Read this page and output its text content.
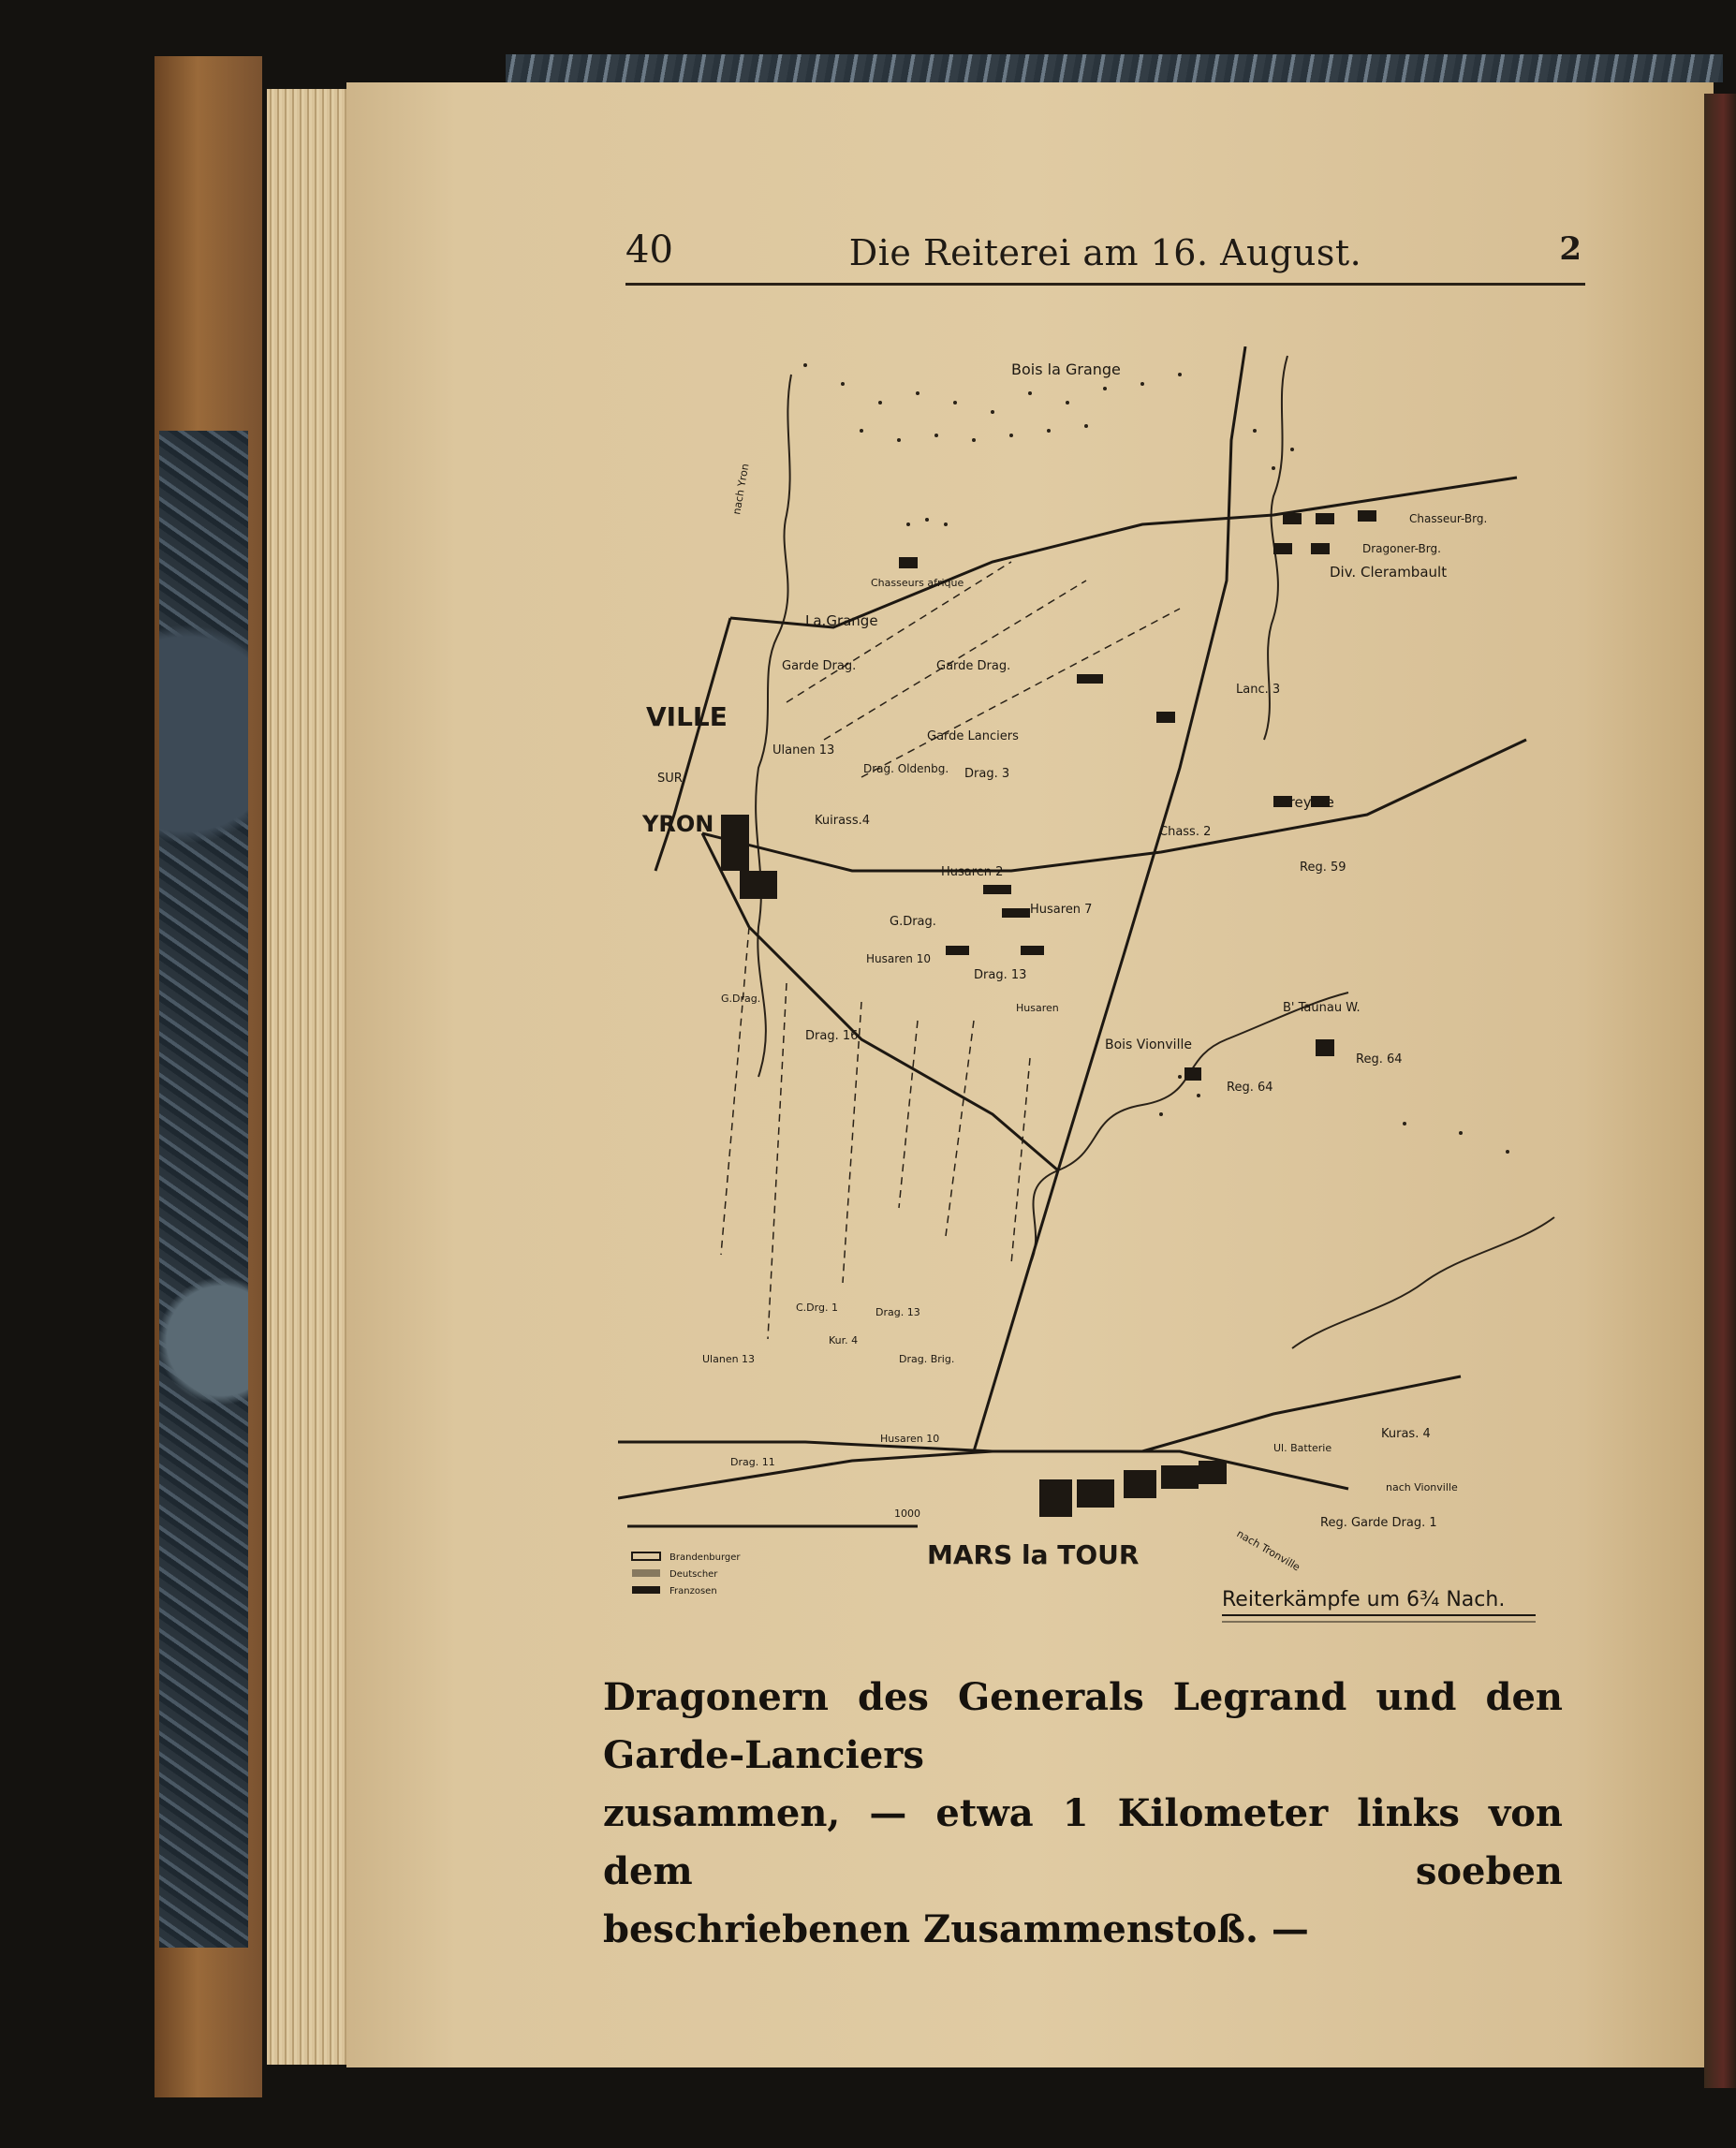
40	Die Reiterei am 16. August.	2
Bois la Grange
VILLE
SUR
YRON
La.Grange
Greyere
Bois Vionville
MARS la TOUR
nach Yron
nach Vionville
nach Tronville
Chasseur-Brg.
Dragoner-Brg.
Div. Clerambault
Chasseurs afrique
Garde Drag.
Garde Drag.
Garde Lanciers
Ulanen 13
Drag. Oldenbg. Drag. 3
Kuirass.4
Lanc. 3
Chass. 2
Reg. 59
Husaren 2
Husaren 7
G.Drag.
Husaren 10
Drag. 13
Husaren
G.Drag.
Drag. 16
B' Taunau W.
Reg. 64
Reg. 64
C.Drg. 1	Drag. 13
Ulanen 13
Kur. 4
Drag. Brig.
Husaren 10
Drag. 11
Kuras. 4
Reg. Garde Drag. 1
Ul. Batterie
1000
Brandenburger
Deutscher
Franzosen	Reiterkämpfe um 6¾ Nach.
Dragonern des Generals Legrand und den Garde-Lanciers
zusammen, — etwa 1 Kilometer links von dem soeben
beschriebenen Zusammenstoß. —
